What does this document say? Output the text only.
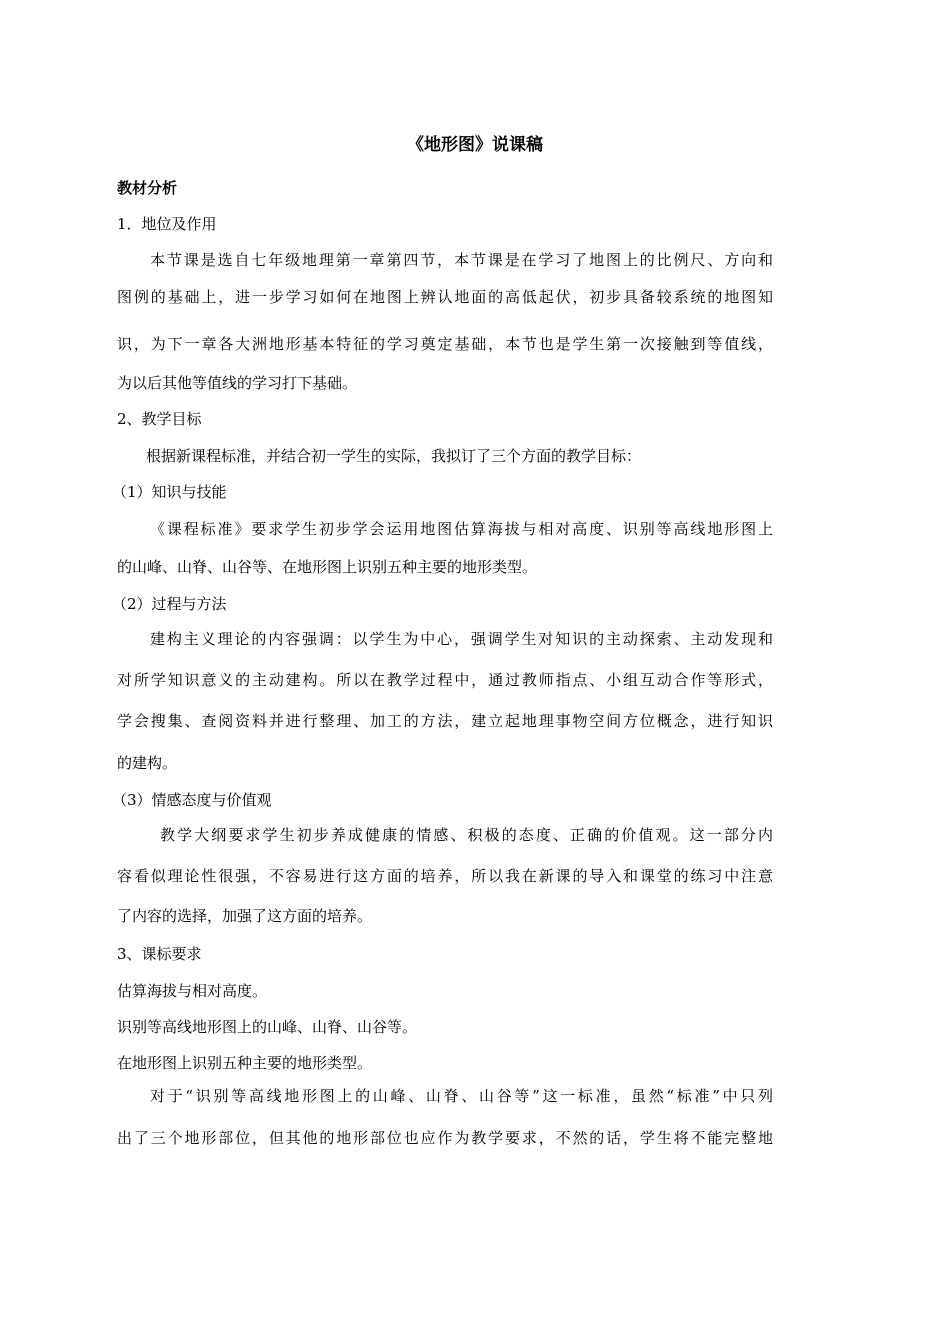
《地形图》说课稿
教材分析
1．地位及作用
本节课是选自七年级地理第一章第四节，本节课是在学习了地图上的比例尺、方向和
图例的基础上，进一步学习如何在地图上辨认地面的高低起伏，初步具备较系统的地图知
识，为下一章各大洲地形基本特征的学习奠定基础，本节也是学生第一次接触到等值线，
为以后其他等值线的学习打下基础。
2、教学目标
根据新课程标准，并结合初一学生的实际，我拟订了三个方面的教学目标：
（1）知识与技能
《课程标准》要求学生初步学会运用地图估算海拔与相对高度、识别等高线地形图上
的山峰、山脊、山谷等、在地形图上识别五种主要的地形类型。
（2）过程与方法
建构主义理论的内容强调：以学生为中心，强调学生对知识的主动探索、主动发现和
对所学知识意义的主动建构。所以在教学过程中，通过教师指点、小组互动合作等形式，
学会搜集、查阅资料并进行整理、加工的方法，建立起地理事物空间方位概念，进行知识
的建构。
（3）情感态度与价值观
教学大纲要求学生初步养成健康的情感、积极的态度、正确的价值观。这一部分内
容看似理论性很强，不容易进行这方面的培养，所以我在新课的导入和课堂的练习中注意
了内容的选择，加强了这方面的培养。
3、课标要求
估算海拔与相对高度。
识别等高线地形图上的山峰、山脊、山谷等。
在地形图上识别五种主要的地形类型。
对于“识别等高线地形图上的山峰、山脊、山谷等”这一标准，虽然“标准”中只列
出了三个地形部位，但其他的地形部位也应作为教学要求，不然的话，学生将不能完整地
